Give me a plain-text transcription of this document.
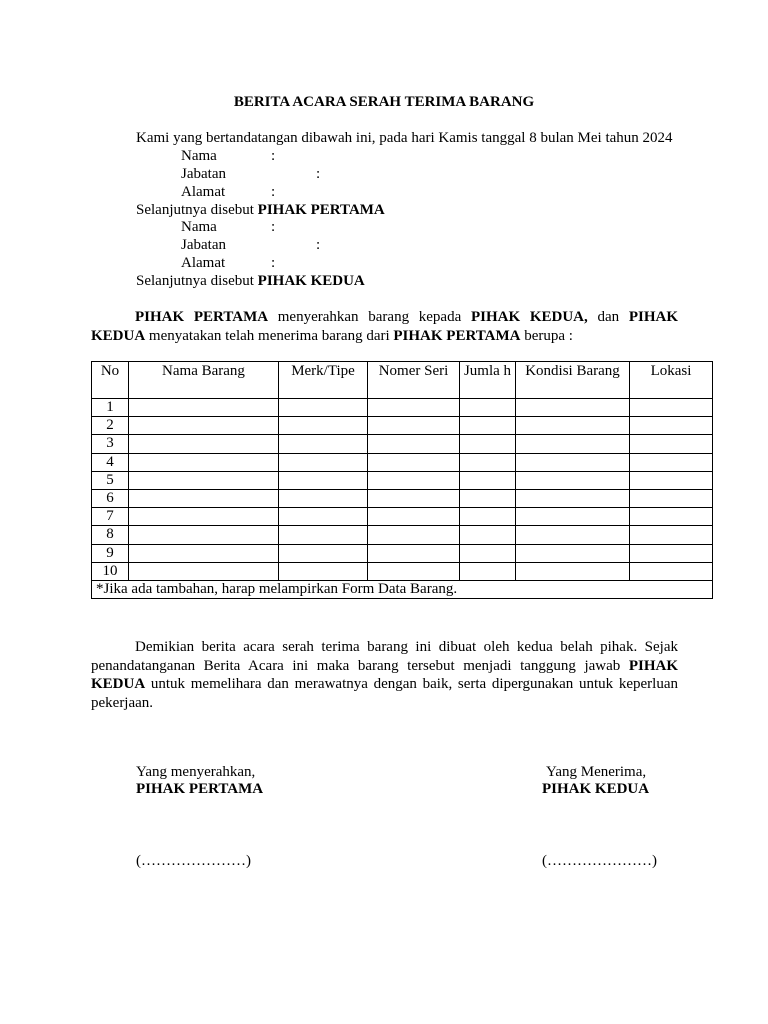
BERITA ACARA SERAH TERIMA BARANG
Kami yang bertandatangan dibawah ini, pada hari Kamis tanggal 8 bulan Mei tahun 2024
Nama	:
Jabatan	:
Alamat	:
Selanjutnya disebut PIHAK PERTAMA
Nama	:
Jabatan	:
Alamat	:
Selanjutnya disebut PIHAK KEDUA
PIHAK PERTAMA menyerahkan barang kepada PIHAK KEDUA, dan PIHAK KEDUA menyatakan telah menerima barang dari PIHAK PERTAMA berupa :
No	Nama Barang	Merk/Tipe	Nomer Seri	Jumla h	Kondisi Barang	Lokasi
1						
2						
3						
4						
5						
6						
7						
8						
9						
10						
*Jika ada tambahan, harap melampirkan Form Data Barang.						
Demikian berita acara serah terima barang ini dibuat oleh kedua belah pihak. Sejak penandatanganan Berita Acara ini maka barang tersebut menjadi tanggung jawab PIHAK KEDUA untuk memelihara dan merawatnya dengan baik, serta dipergunakan untuk keperluan pekerjaan.
Yang menyerahkan,
PIHAK PERTAMA
(…………………)
Yang Menerima,
PIHAK KEDUA
(…………………)
